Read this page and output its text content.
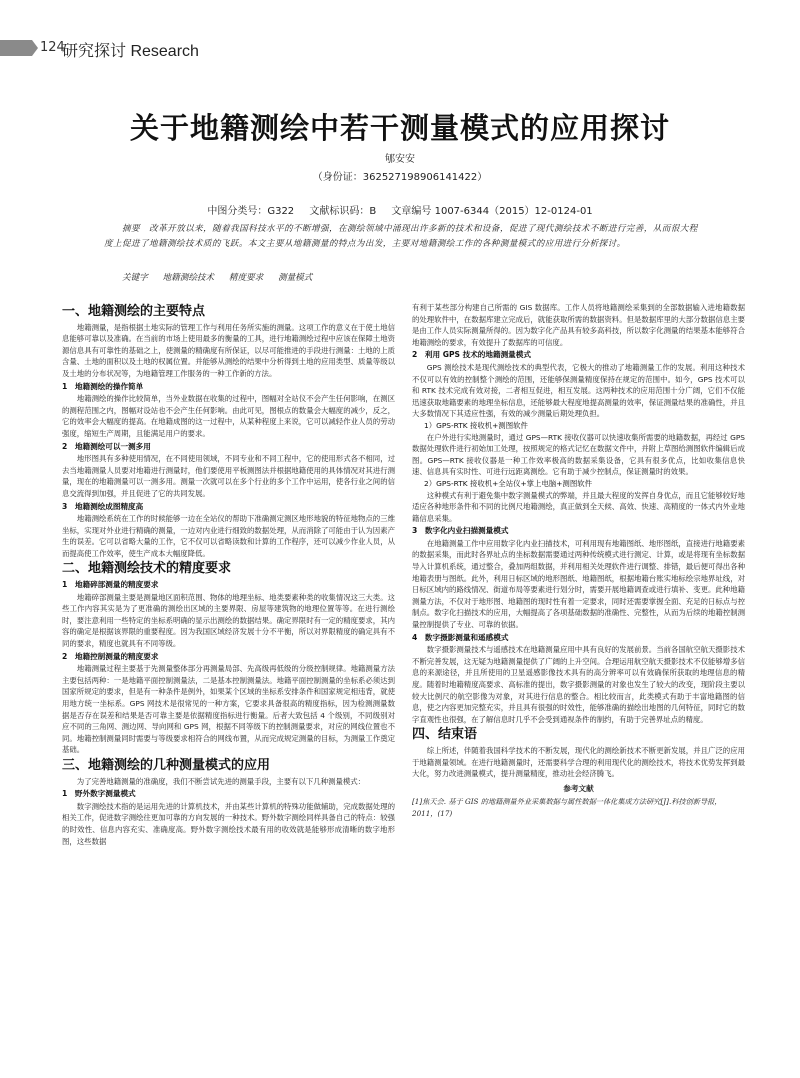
124
研究探讨 Research
关于地籍测绘中若干测量模式的应用探讨
郇安安
（身份证：362527198906141422）
中图分类号：G322 文献标识码：B 文章编号 1007-6344（2015）12-0124-01
摘要 改革开放以来，随着我国科技水平的不断增强，在测绘领域中涌现出许多新的技术和设备，促进了现代测绘技术不断进行完善，从而很大程度上促进了地籍测绘技术质的飞跃。本文主要从地籍测量的特点为出发，主要对地籍测绘工作的各种测量模式的应用进行分析探讨。
关键字 地籍测绘技术 精度要求 测量模式
一、地籍测绘的主要特点
地籍测量，是指根据土地实际的管理工作与利用任务所实施的测量。这项工作的意义在于使土地信息能够可靠以及准确。在当前的市场上使用最多的衡量的工具，进行地籍测绘过程中应该在保障土地资源信息具有可靠性的基础之上，使测量的精确度有所保证，以尽可能推进的手段进行测量：土地的上质含量、土地的面积以及土地的权属位置。并能够从测绘的结果中分析得到土地的应用类型、质量等级以及土地的分布状况等，为地籍管理工作服务的一种工作新的方法。
1　地籍测绘的操作简单
地籍测绘的操作比较简单，当外业数据在收集的过程中，图幅对全站仪不会产生任何影响，在测区的测程范围之内，图幅对设站也不会产生任何影响。由此可见，图根点的数量会大幅度的减少，反之，它的效率会大幅度的提高。在地籍成图的这一过程中，从某种程度上来说，它可以减轻作业人员的劳动强度，缩短生产周期，且能满足用户的要求。
2　地籍测绘可以一测多用
地形图具有多种使用情况，在不同使用领域，不同专业和不同工程中，它的使用形式各不相同，过去当地籍测量人员要对地籍进行测量时，他们要使用平板测图法并根据地籍使用的具体情况对其进行测量，现在的地籍测量可以一测多用。测量一次就可以在多个行业的多个工作中运用，使各行业之间的信息交流得到加强，并且促进了它的共同发展。
3　地籍测绘成图精度高
地籍测绘系统在工作的时候能够一边在全站仪的帮助下准确测定测区地形地貌的特征地物点的三维坐标，实现对外业进行精确的测量，一边对内业进行细致的数据处理，从而消除了可能由于认为因素产生的误差。它可以省略大量的工作，它不仅可以省略读数和计算的工作程序，还可以减少作业人员，从而提高使工作效率，使生产成本大幅度降低。
二、地籍测绘技术的精度要求
1　地籍碎部测量的精度要求
地籍碎部测量主要是测量地区面积范围、物体的地理坐标、地类要素种类的收集情况这三大类。这些工作内容其实是为了更准确的测绘出区域的主要界限、房屋等建筑物的地理位置等等。在进行测绘时，要注意利用一些特定的坐标系明确的显示出测绘的数据结果。确定界限时有一定的精度要求，其内容的确定是根据该界限的重要程度。因为我国区域经济发展十分不平衡，所以对界限精度的确定具有不同的要求，精度也就具有不同等级。
2　地籍控制测量的精度要求
地籍测量过程主要基于先测量整体部分再测量局部、先高级再低级的分级控制规律。地籍测量方法主要包括两种：一是地籍平面控制测量法，二是基本控制测量法。地籍平面控制测量的坐标系必须达到国家所规定的要求，但是有一种条件是例外，如果某个区域的坐标系安排条件和国家规定相违背，就使用地方统一坐标系。GPS 网技术是很常见的一种方案，它要求具备很高的精度指标，因为检测测量数据是否存在误差和结果是否可靠主要是依据精度指标进行衡量。后者大致包括 4 个级别，不同级别对应不同的三角网、测边网、导向网和 GPS 网，根据不同等级下的控制测量要求，对应的网线位置也不同。地籍控制测量同时需要与等级要求相符合的网线布置，从而完成规定测量的目标，为测量工作奠定基础。
三、地籍测绘的几种测量模式的应用
为了完善地籍测量的准确度，我们不断尝试先进的测量手段，主要有以下几种测量模式：
1　野外数字测量模式
数字测绘技术指的是运用先进的计算机技术，并由某些计算机的特殊功能做辅助，完成数据处理的相关工作，促进数字测绘往更加可靠的方向发展的一种技术。野外数字测绘同样具备自己的特点：较强的时效性、信息内容充实、准确度高。野外数字测绘技术最有用的收效就是能够形成清晰的数字地形图，这些数据
有利于某些部分构建自己所需的 GIS 数据库。工作人员将地籍测绘采集到的全部数据输入进地籍数据的处理软件中，在数据库建立完成后，就能获取所需的数据资料。但是数据库里的大部分数据信息主要是由工作人员实际测量所得的。因为数字化产品具有较多高科技，所以数字化测量的结果基本能够符合地籍测绘的要求，有效提升了数据库的可信度。
2　利用 GPS 技术的地籍测量模式
GPS 测绘技术是现代测绘技术的典型代表，它极大的推动了地籍测量工作的发展。利用这种技术不仅可以有效的控制整个测绘的范围，还能够保测量精度保持在规定的范围中。如今，GPS 技术可以和 RTK 技术完成有效对接，二者相互促进，相互发展。这两种技术的应用范围十分广阔，它们不仅能迅速获取地籍要素的地理坐标信息，还能够最大程度地提高测量的效率，保证测量结果的准确性，并且大多数情况下其适应性强，有效的减少测量后期处理负担。
1）GPS-RTK 接收机+测图软件
在户外进行实地测量时，通过 GPS—RTK 接收仪器可以快速收集所需要的地籍数据，再经过 GPS 数据处理软件进行初始加工处理，按照规定的格式记忆在数据文件中，并附上草图给测图软件编辑后成图。GPS—RTK 接收仪器是一种工作效率极高的数据采集设备，它具有很多优点，比如收集信息快速、信息具有实时性、可进行远距离测绘。它有助于减少控制点，保证测量时的效果。
2）GPS-RTK 接收机+全站仪+掌上电脑+测图软件
这种模式有利于避免集中数字测量模式的弊端，并且最大程度的发挥自身优点，而且它能够较好地适应各种地形条件和不同的比例尺地籍测绘，真正做到全天候、高效、快速、高精度的一体式内外业地籍信息采集。
3　数字化内业扫描测量模式
在地籍测量工作中应用数字化内业扫描技术，可利用现有地籍图纸、地形图纸，直接进行地籍要素的数据采集，而此时各界址点的坐标数据需要通过两种传统模式进行测定、计算，或是将现有坐标数据导入计算机系统，通过整合，叠加两组数据，并利用相关处理软件进行调整、排错，最后便可得出各种地籍表册与图纸。此外，利用日标区域的地形图纸、地籍图纸，根据地籍台账实地标绘宗地界址线，对日标区域内的路线情况、街道布局等要素进行划分时，需要开展地籍调查或进行填补、变更。此种地籍测量方法，不仅对于地形图、地籍图的现时性有着一定要求，同时还需要掌握全面、充足的日标点与控制点。数字化扫描技术的应用，大幅提高了各项基础数据的准确性、完整性，从而为后续的地籍控制测量控制提供了专业、可靠的依据。
4　数字摄影测量和遥感模式
数字摄影测量技术与遥感技术在地籍测量应用中具有良好的发展前景。当前各国航空航天摄影技术不断完善发展，这无疑为地籍测量提供了广阔的上升空间。合理运用航空航天摄影技术不仅能够增多信息的来源途径，并且所使用的卫星遥感影像技术具有的高分辨率可以有效确保所获取的地理信息的精度。随着时地籍精度高要求、高标准的提出，数字摄影测量的对象也发生了较大的改变，现阶段主要以较大比例尺的航空影像为对象，对其进行信息的整合。相比较而言，此类模式有助于丰富地籍图的信息，使之内容更加完整充实，并且具有很强的时效性，能够准确的描绘出地图的几何特征，同时它的数字直观性也很强，在了解信息时几乎不会受到通视条件的制约，有助于完善界址点的精度。
四、结束语
综上所述，伴随着我国科学技术的不断发展，现代化的测绘新技术不断更新发展，并且广泛的应用于地籍测量领域。在进行地籍测量时，还需要科学合理的利用现代化的测绘技术，将技术优势发挥到最大化，努力改进测量模式，提升测量精度，推动社会经济腾飞。
参考文献
[1]焦天会. 基于 GIS 的地籍测量外业采集数据与属性数据一体化集成方法研究[J].科技创新导报，2011，(17)
